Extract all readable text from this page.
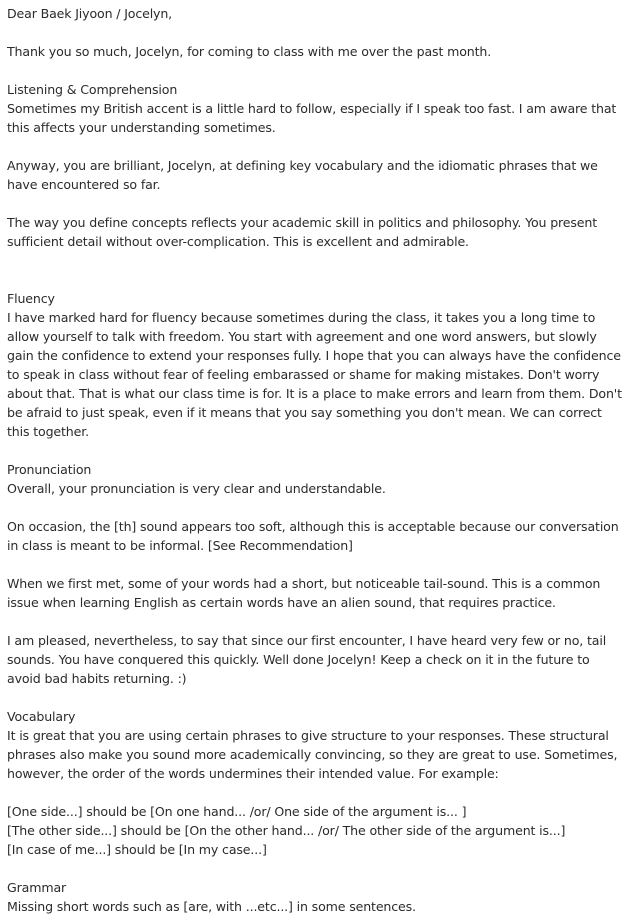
Dear Baek Jiyoon / Jocelyn,
Thank you so much, Jocelyn, for coming to class with me over the past month.
Listening & Comprehension
Sometimes my British accent is a little hard to follow, especially if I speak too fast. I am aware that this affects your understanding sometimes.
Anyway, you are brilliant, Jocelyn, at defining key vocabulary and the idiomatic phrases that we have encountered so far.
The way you define concepts reflects your academic skill in politics and philosophy. You present sufficient detail without over-complication. This is excellent and admirable.
Fluency
I have marked hard for fluency because sometimes during the class, it takes you a long time to allow yourself to talk with freedom. You start with agreement and one word answers, but slowly gain the confidence to extend your responses fully. I hope that you can always have the confidence to speak in class without fear of feeling embarassed or shame for making mistakes. Don't worry about that. That is what our class time is for. It is a place to make errors and learn from them. Don't be afraid to just speak, even if it means that you say something you don't mean. We can correct this together.
Pronunciation
Overall, your pronunciation is very clear and understandable.
On occasion, the [th] sound appears too soft, although this is acceptable because our conversation in class is meant to be informal. [See Recommendation]
When we first met, some of your words had a short, but noticeable tail-sound. This is a common issue when learning English as certain words have an alien sound, that requires practice.
I am pleased, nevertheless, to say that since our first encounter, I have heard very few or no, tail sounds. You have conquered this quickly. Well done Jocelyn! Keep a check on it in the future to avoid bad habits returning. :)
Vocabulary
It is great that you are using certain phrases to give structure to your responses. These structural phrases also make you sound more academically convincing, so they are great to use. Sometimes, however, the order of the words undermines their intended value. For example:
[One side...] should be [On one hand... /or/ One side of the argument is... ]
[The other side...] should be [On the other hand... /or/ The other side of the argument is...]
[In case of me...] should be [In my case...]
Grammar
Missing short words such as [are, with ...etc...] in some sentences.
